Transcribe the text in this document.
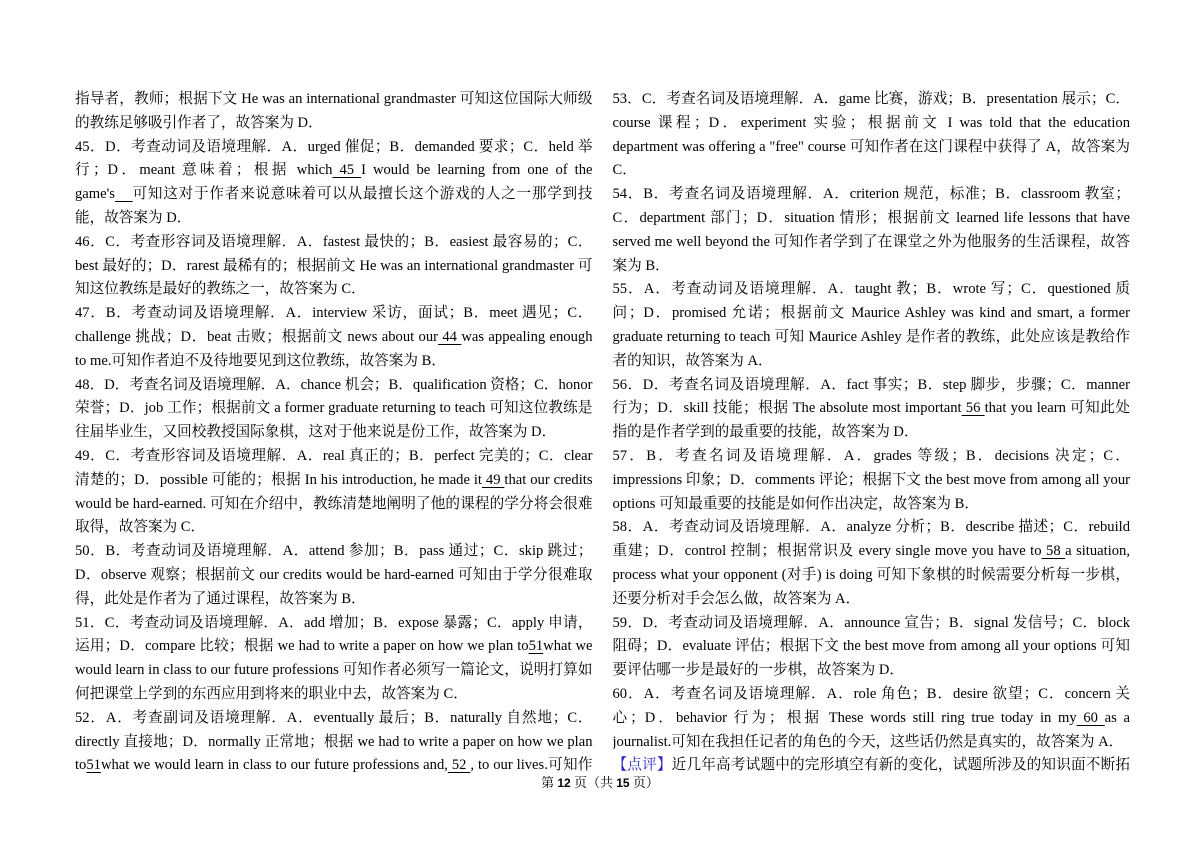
指导者，教师；根据下文 He was an international grandmaster 可知这位国际大师级的教练足够吸引作者了，故答案为 D．

45．D．考查动词及语境理解．A．urged 催促；B．demanded 要求；C．held 举行；D．meant 意味着；根据 which 45 I would be learning from one of the game's 可知这对于作者来说意味着可以从最擅长这个游戏的人之一那学到技能，故答案为 D．

46．C．考查形容词及语境理解．A．fastest 最快的；B．easiest 最容易的；C．best 最好的；D．rarest 最稀有的；根据前文 He was an international grandmaster 可知这位教练是最好的教练之一，故答案为 C．

47．B．考查动词及语境理解．A．interview 采访，面试；B．meet 遇见；C．challenge 挑战；D．beat 击败；根据前文 news about our 44 was appealing enough to me.可知作者迫不及待地要见到这位教练，故答案为 B．

48．D．考查名词及语境理解．A．chance 机会；B．qualification 资格；C．honor 荣誉；D．job 工作；根据前文 a former graduate returning to teach 可知这位教练是往届毕业生，又回校教授国际象棋，这对于他来说是份工作，故答案为 D．

49．C．考查形容词及语境理解．A．real 真正的；B．perfect 完美的；C．clear 清楚的；D．possible 可能的；根据 In his introduction, he made it 49 that our credits would be hard-earned. 可知在介绍中，教练清楚地阐明了他的课程的学分将会很难取得，故答案为 C．

50．B．考查动词及语境理解．A．attend 参加；B．pass 通过；C．skip 跳过；D．observe 观察；根据前文 our credits would be hard-earned 可知由于学分很难取得，此处是作者为了通过课程，故答案为 B．

51．C．考查动词及语境理解．A．add 增加；B．expose 暴露；C．apply 申请，运用；D．compare 比较；根据 we had to write a paper on how we plan to51what we would learn in class to our future professions 可知作者必须写一篇论文，说明打算如何把课堂上学到的东西应用到将来的职业中去，故答案为 C．

52．A．考查副词及语境理解．A．eventually 最后；B．naturally 自然地；C．directly 直接地；D．normally 正常地；根据 we had to write a paper on how we plan to51what we would learn in class to our future professions and, 52 , to our lives.可知作

53．C．考查名词及语境理解．A．game 比赛，游戏；B．presentation 展示；C．course 课程；D．experiment 实验；根据前文 I was told that the education department was offering a "free" course 可知作者在这门课程中获得了 A，故答案为 C．

54．B．考查名词及语境理解．A．criterion 规范，标准；B．classroom 教室；C．department 部门；D．situation 情形；根据前文 learned life lessons that have served me well beyond the 可知作者学到了在课堂之外为他服务的生活课程，故答案为 B．

55．A．考查动词及语境理解．A．taught 教；B．wrote 写；C．questioned 质问；D．promised 允诺；根据前文 Maurice Ashley was kind and smart, a former graduate returning to teach 可知 Maurice Ashley 是作者的教练，此处应该是教给作者的知识，故答案为 A．

56．D．考查名词及语境理解．A．fact 事实；B．step 脚步，步骤；C．manner 行为；D．skill 技能；根据 The absolute most important 56 that you learn 可知此处指的是作者学到的最重要的技能，故答案为 D．

57．B．考查名词及语境理解．A．grades 等级；B．decisions 决定；C．impressions 印象；D．comments 评论；根据下文 the best move from among all your options 可知最重要的技能是如何作出决定，故答案为 B．

58．A．考查动词及语境理解．A．analyze 分析；B．describe 描述；C．rebuild 重建；D．control 控制；根据常识及 every single move you have to 58 a situation, process what your opponent (对手) is doing 可知下象棋的时候需要分析每一步棋，还要分析对手会怎么做，故答案为 A．

59．D．考查动词及语境理解．A．announce 宣告；B．signal 发信号；C．block 阻碍；D．evaluate 评估；根据下文 the best move from among all your options 可知要评估哪一步是最好的一步棋，故答案为 D．

60．A．考查名词及语境理解．A．role 角色；B．desire 欲望；C．concern 关心；D．behavior 行为；根据 These words still ring true today in my 60 as a journalist.可知在我担任记者的角色的今天，这些话仍然是真实的，故答案为 A．

【点评】近几年高考试题中的完形填空有新的变化，试题所涉及的知识面不断拓

第 12 页（共 15 页）
